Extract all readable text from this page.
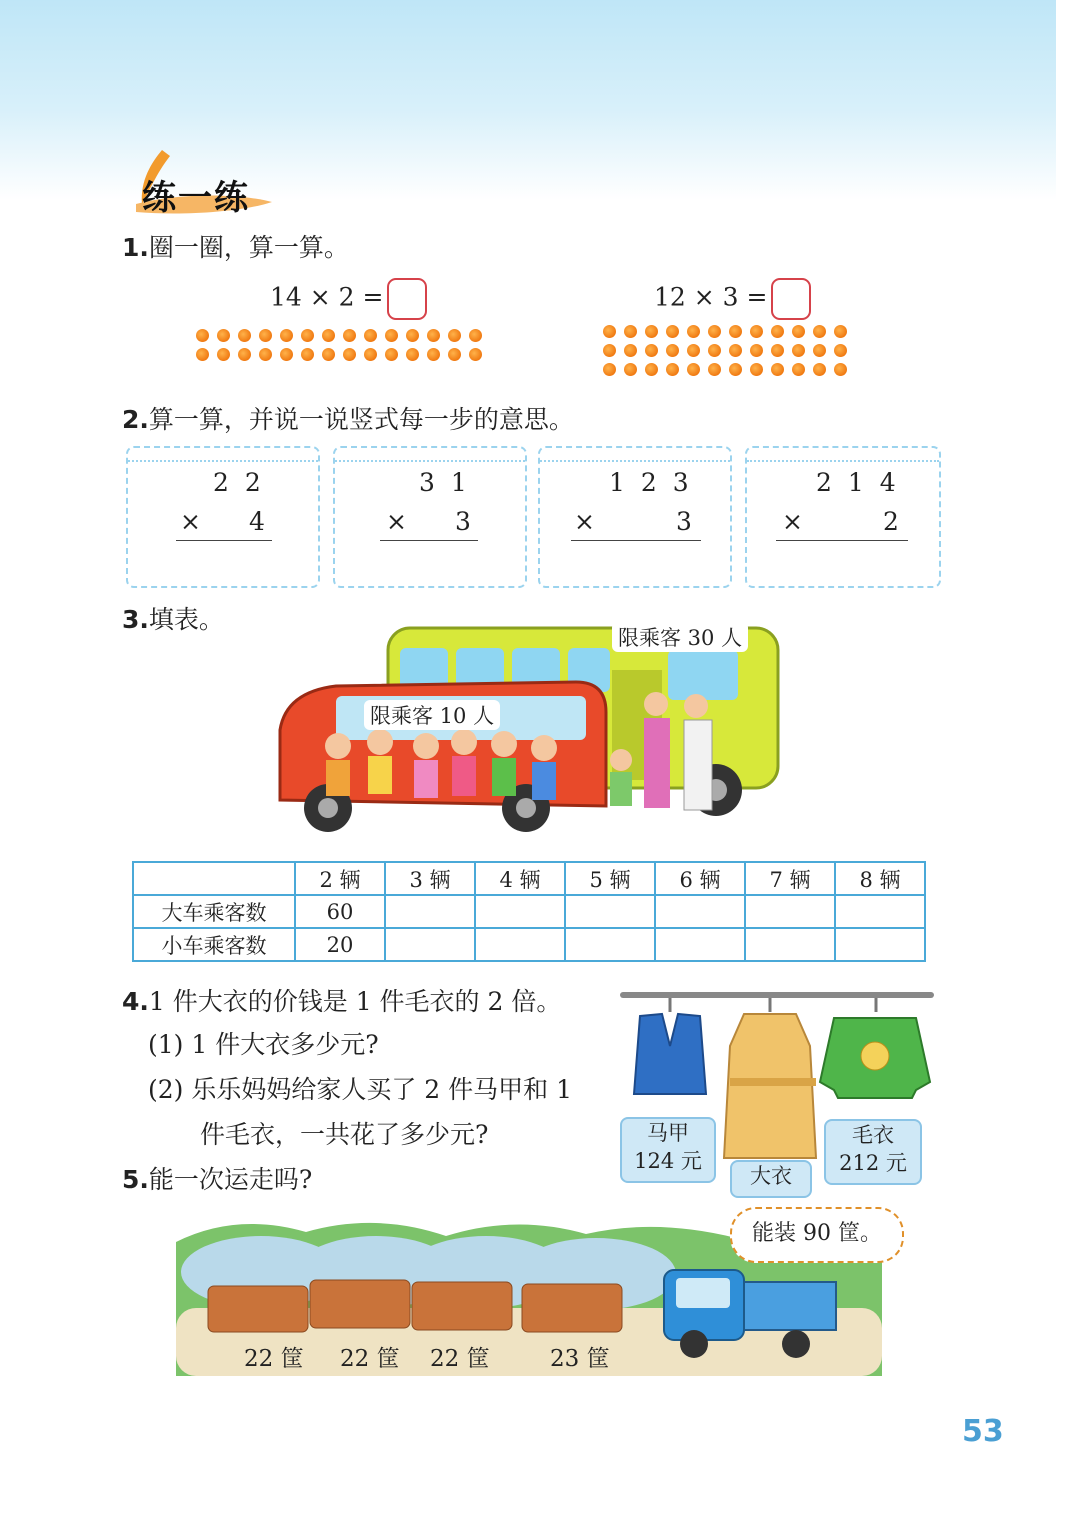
练一练
1.圈一圈，算一算。
14 × 2 =	12 × 3 =
2.算一算，并说一说竖式每一步的意思。
2 2
× 4
3 1
× 3
1 2 3
×	3
2 1 4
×	2
3.填表。
限乘客 30 人
限乘客 10 人
	2 辆	3 辆	4 辆	5 辆	6 辆	7 辆	8 辆
大车乘客数	60						
小车乘客数	20						
4.1 件大衣的价钱是 1 件毛衣的 2 倍。
(1) 1 件大衣多少元?
(2) 乐乐妈妈给家人买了 2 件马甲和 1
件毛衣，一共花了多少元?	马甲
124 元
大衣
毛衣
212 元
5.能一次运走吗?
能装 90 筐。
22 筐 22 筐 22 筐	23 筐
53
